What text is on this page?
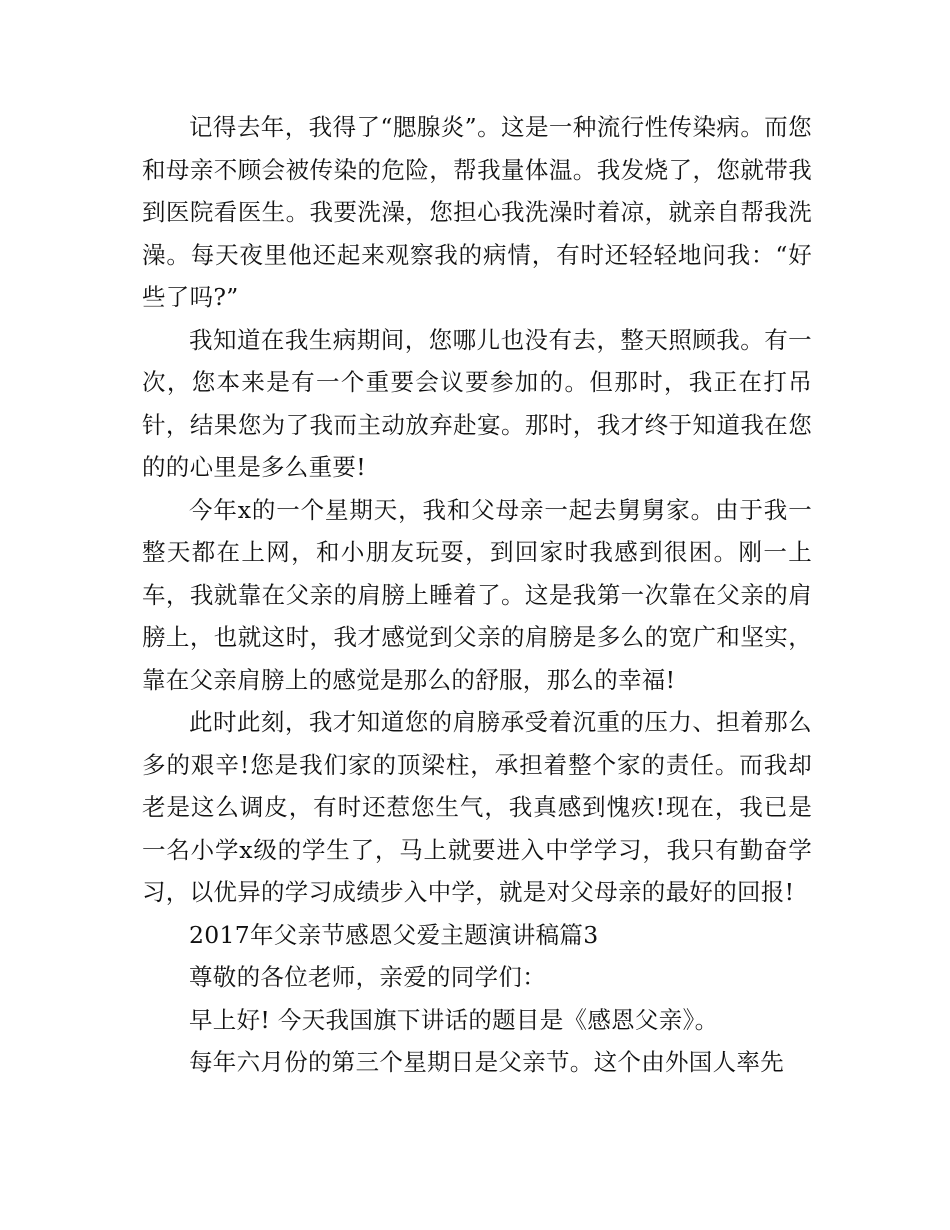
记得去年，我得了“腮腺炎”。这是一种流行性传染病。而您和母亲不顾会被传染的危险，帮我量体温。我发烧了，您就带我到医院看医生。我要洗澡，您担心我洗澡时着凉，就亲自帮我洗澡。每天夜里他还起来观察我的病情，有时还轻轻地问我：“好些了吗?”

我知道在我生病期间，您哪儿也没有去，整天照顾我。有一次，您本来是有一个重要会议要参加的。但那时，我正在打吊针，结果您为了我而主动放弃赴宴。那时，我才终于知道我在您的的心里是多么重要!

今年x的一个星期天，我和父母亲一起去舅舅家。由于我一整天都在上网，和小朋友玩耍，到回家时我感到很困。刚一上车，我就靠在父亲的肩膀上睡着了。这是我第一次靠在父亲的肩膀上，也就这时，我才感觉到父亲的肩膀是多么的宽广和坚实，靠在父亲肩膀上的感觉是那么的舒服，那么的幸福!

此时此刻，我才知道您的肩膀承受着沉重的压力、担着那么多的艰辛!您是我们家的顶梁柱，承担着整个家的责任。而我却老是这么调皮，有时还惹您生气，我真感到愧疚!现在，我已是一名小学x级的学生了，马上就要进入中学学习，我只有勤奋学习，以优异的学习成绩步入中学，就是对父母亲的最好的回报!

2017年父亲节感恩父爱主题演讲稿篇3

尊敬的各位老师，亲爱的同学们：

早上好! 今天我国旗下讲话的题目是《感恩父亲》。

每年六月份的第三个星期日是父亲节。这个由外国人率先
